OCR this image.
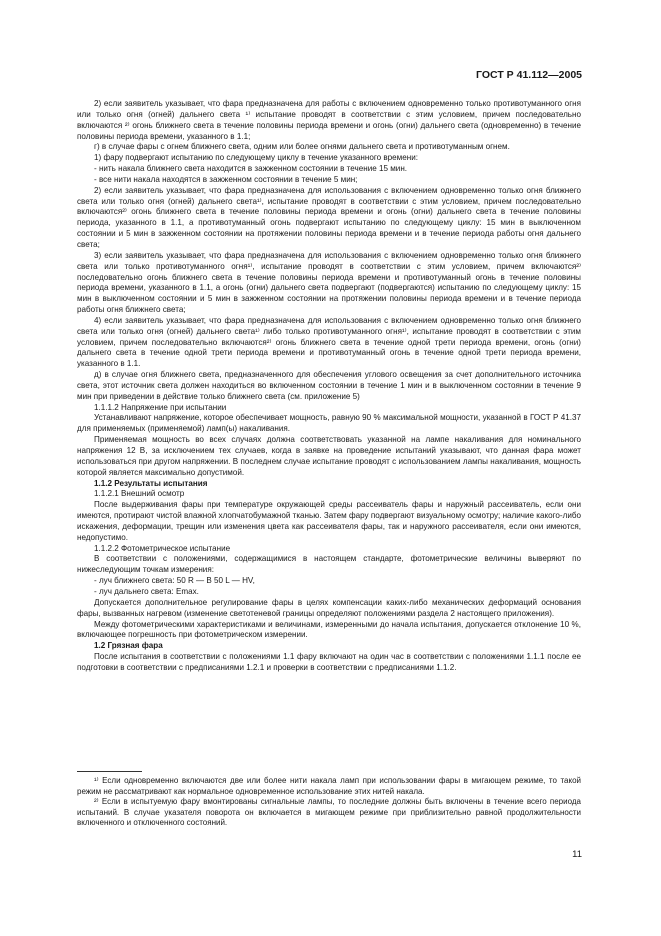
ГОСТ Р 41.112—2005

2) если заявитель указывает, что фара предназначена для работы с включением одновременно только противотуманного огня или только огня (огней) дальнего света ¹⁾ испытание проводят в соответствии с этим условием, причем последовательно включаются ²⁾ огонь ближнего света в течение половины периода времени и огонь (огни) дальнего света (одновременно) в течение половины периода времени, указанного в 1.1;

г) в случае фары с огнем ближнего света, одним или более огнями дальнего света и противотуманным огнем.

1) фару подвергают испытанию по следующему циклу в течение указанного времени:

- нить накала ближнего света находится в зажженном состоянии в течение 15 мин.

- все нити накала находятся в зажженном состоянии в течение 5 мин;

2) если заявитель указывает, что фара предназначена для использования с включением одновременно только огня ближнего света или только огня (огней) дальнего света¹⁾, испытание проводят в соответствии с этим условием, причем последовательно включаются²⁾ огонь ближнего света в течение половины периода времени и огонь (огни) дальнего света в течение половины периода, указанного в 1.1, а противотуманный огонь подвергают испытанию по следующему циклу: 15 мин в выключенном состоянии и 5 мин в зажженном состоянии на протяжении половины периода времени и в течение периода работы огня дальнего света;

3) если заявитель указывает, что фара предназначена для использования с включением одновременно только огня ближнего света или только противотуманного огня¹⁾, испытание проводят в соответствии с этим условием, причем включаются²⁾ последовательно огонь ближнего света в течение половины периода времени и противотуманный огонь в течение половины периода времени, указанного в 1.1, а огонь (огни) дальнего света подвергают (подвергаются) испытанию по следующему циклу: 15 мин в выключенном состоянии и 5 мин в зажженном состоянии на протяжении половины периода времени и в течение периода работы огня ближнего света;

4) если заявитель указывает, что фара предназначена для использования с включением одновременно только огня ближнего света или только огня (огней) дальнего света¹⁾ либо только противотуманного огня¹⁾, испытание проводят в соответствии с этим условием, причем последовательно включаются²⁾ огонь ближнего света в течение одной трети периода времени, огонь (огни) дальнего света в течение одной трети периода времени и противотуманный огонь в течение одной трети периода времени, указанного в 1.1.

д) в случае огня ближнего света, предназначенного для обеспечения углового освещения за счет дополнительного источника света, этот источник света должен находиться во включенном состоянии в течение 1 мин и в выключенном состоянии в течение 9 мин при приведении в действие только ближнего света (см. приложение 5)

1.1.1.2 Напряжение при испытании

Устанавливают напряжение, которое обеспечивает мощность, равную 90 % максимальной мощности, указанной в ГОСТ Р 41.37 для применяемых (применяемой) ламп(ы) накаливания.

Применяемая мощность во всех случаях должна соответствовать указанной на лампе накаливания для номинального напряжения 12 В, за исключением тех случаев, когда в заявке на проведение испытаний указывают, что данная фара может использоваться при другом напряжении. В последнем случае испытание проводят с использованием лампы накаливания, мощность которой является максимально допустимой.

1.1.2 Результаты испытания

1.1.2.1 Внешний осмотр

После выдерживания фары при температуре окружающей среды рассеиватель фары и наружный рассеиватель, если они имеются, протирают чистой влажной хлопчатобумажной тканью. Затем фару подвергают визуальному осмотру; наличие какого-либо искажения, деформации, трещин или изменения цвета как рассеивателя фары, так и наружного рассеивателя, если они имеются, недопустимо.

1.1.2.2 Фотометрическое испытание

В соответствии с положениями, содержащимися в настоящем стандарте, фотометрические величины выверяют по нижеследующим точкам измерения:

- луч ближнего света: 50 R — B 50 L — HV,

- луч дальнего света: Emax.

Допускается дополнительное регулирование фары в целях компенсации каких-либо механических деформаций основания фары, вызванных нагревом (изменение светотеневой границы определяют положениями раздела 2 настоящего приложения).

Между фотометрическими характеристиками и величинами, измеренными до начала испытания, допускается отклонение 10 %, включающее погрешность при фотометрическом измерении.

1.2 Грязная фара

После испытания в соответствии с положениями 1.1 фару включают на один час в соответствии с положениями 1.1.1 после ее подготовки в соответствии с предписаниями 1.2.1 и проверки в соответствии с предписаниями 1.1.2.

¹⁾ Если одновременно включаются две или более нити накала ламп при использовании фары в мигающем режиме, то такой режим не рассматривают как нормальное одновременное использование этих нитей накала.

²⁾ Если в испытуемую фару вмонтированы сигнальные лампы, то последние должны быть включены в течение всего периода испытаний. В случае указателя поворота он включается в мигающем режиме при приблизительно равной продолжительности включенного и отключенного состояний.

11
